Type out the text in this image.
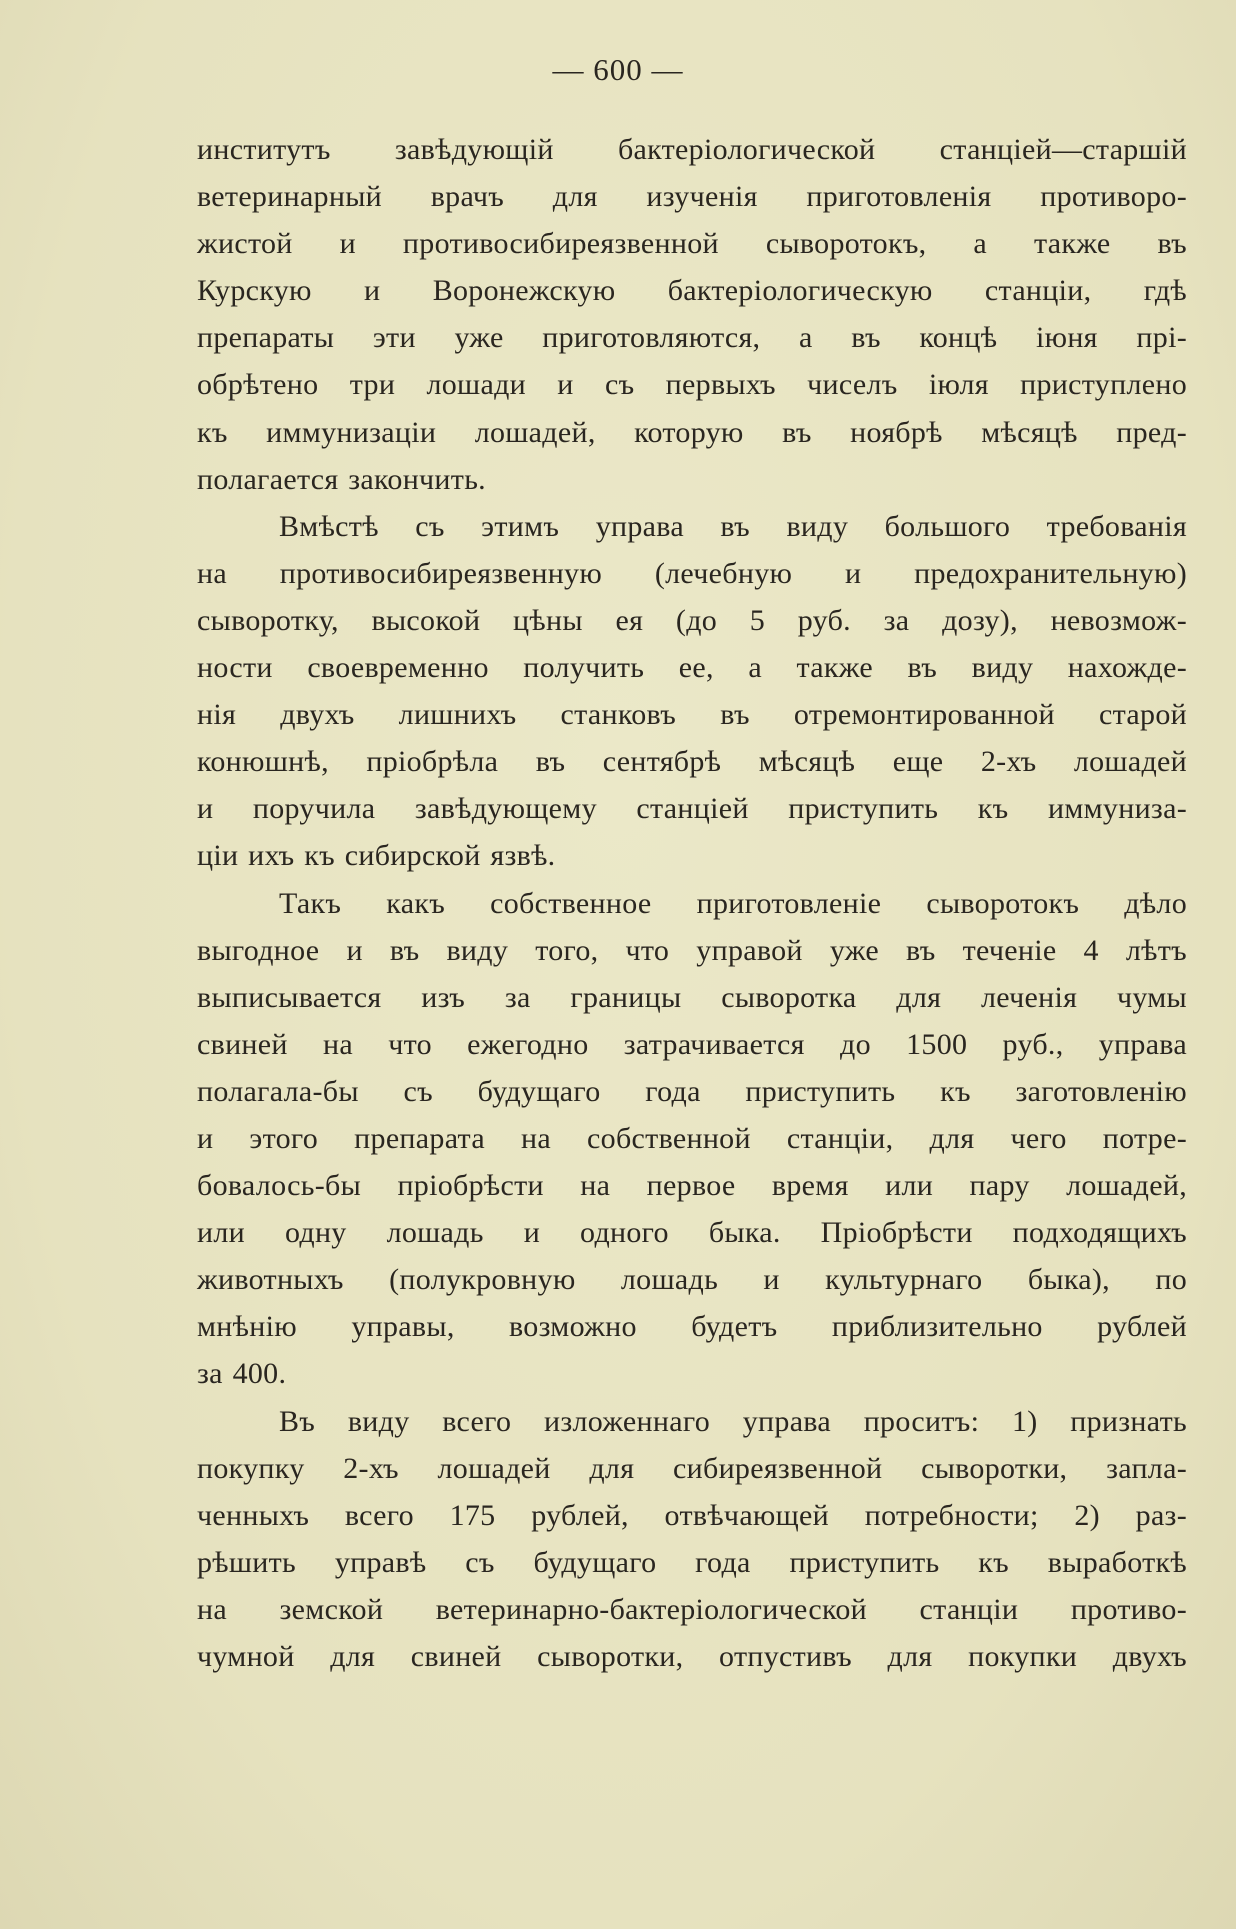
— 600 —
институтъ завѣдующій бактеріологической станціей—старшій
ветеринарный врачъ для изученія приготовленія противоро-
жистой и противосибиреязвенной сывоpотокъ, а также въ
Курскую и Воронежскую бактеріологическую станціи, гдѣ
препараты эти уже приготовляются, а въ концѣ іюня прі-
обрѣтено три лошади и съ первыхъ чиселъ іюля приступлено
къ иммунизаціи лошадей, которую въ ноябрѣ мѣсяцѣ пред-
полагается закончить.
Вмѣстѣ съ этимъ управа въ виду большого требованія
на противосибиреязвенную (лечебную и предохранительную)
сыворотку, высокой цѣны ея (до 5 руб. за дозу), невозмож-
ности своевременно получить ее, а также въ виду нахожде-
нія двухъ лишнихъ станковъ въ отремонтированной старой
конюшнѣ, пріобрѣла въ сентябрѣ мѣсяцѣ еще 2-хъ лошадей
и поручила завѣдующему станціей приступить къ иммуниза-
ціи ихъ къ сибирской язвѣ.
Такъ какъ собственное приготовленіе сыворотокъ дѣло
выгодное и въ виду того, что управой уже въ теченіе 4 лѣтъ
выписывается изъ за границы сыворотка для леченія чумы
свиней на что ежегодно затрачивается до 1500 руб., управа
полагала-бы съ будущаго года приступить къ заготовленію
и этого препарата на собственной станціи, для чего потре-
бовалось-бы пріобрѣсти на первое время или пару лошадей,
или одну лошадь и одного быка. Пріобрѣсти подходящихъ
животныхъ (полукровную лошадь и культурнаго быка), по
мнѣнію управы, возможно будетъ приблизительно рублей
за 400.
Въ виду всего изложеннаго управа проситъ: 1) признать
покупку 2-хъ лошадей для сибиреязвенной сыворотки, запла-
ченныхъ всего 175 рублей, отвѣчающей потребности; 2) раз-
рѣшить управѣ съ будущаго года приступить къ выработкѣ
на земской ветеринарно-бактеріологической станціи противо-
чумной для свиней сыворотки, отпустивъ для покупки двухъ
